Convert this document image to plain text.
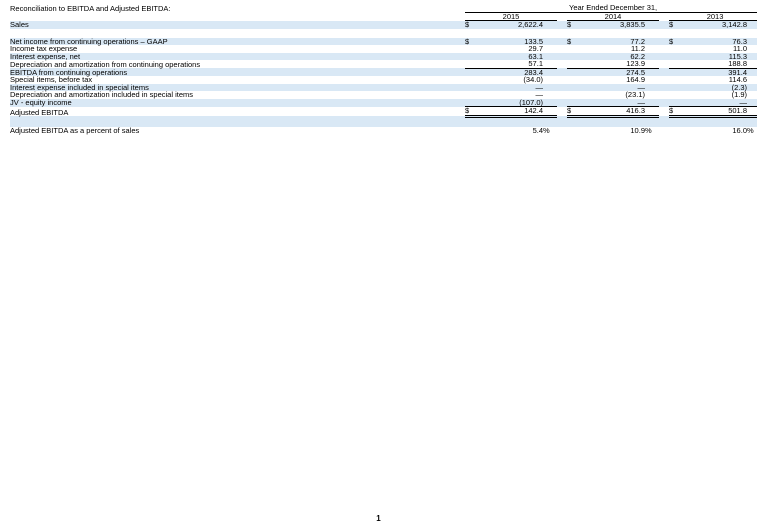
Reconciliation to EBITDA and Adjusted EBITDA:	Year Ended December 31,										
	2015				2014				2013		
Sales	$	2,622.4			$	3,835.5			$	3,142.8	

Net income from continuing operations – GAAP	$	133.5			$	77.2			$	76.3	
Income tax expense		29.7				11.2				11.0	
Interest expense, net		63.1				62.2				115.3	
Depreciation and amortization from continuing operations		57.1				123.9				188.8	
EBITDA from continuing operations		283.4				274.5				391.4	
Special items, before tax		(34.0)				164.9				114.6	
Interest expense included in special items		—				—				(2.3)	
Depreciation and amortization included in special items		—				(23.1)				(1.9)	
JV - equity income		(107.0)				—				—	
Adjusted EBITDA	$	142.4			$	416.3			$	501.8	

Adjusted EBITDA as a percent of sales		5.4	%			10.9	%			16.0	%
1
